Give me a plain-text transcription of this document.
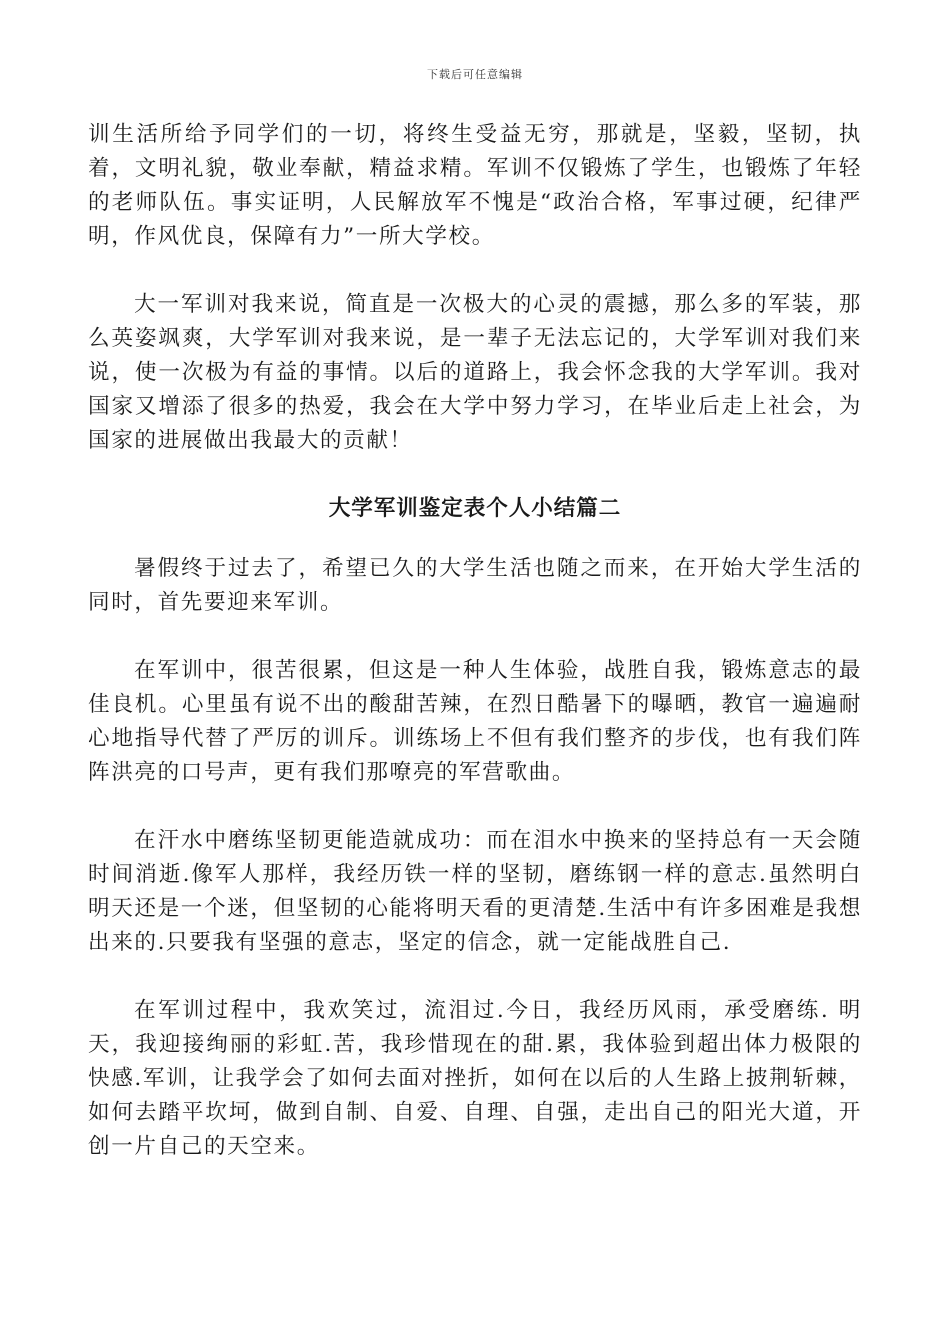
下载后可任意编辑

训生活所给予同学们的一切，将终生受益无穷，那就是，坚毅，坚韧，执着，文明礼貌，敬业奉献，精益求精。军训不仅锻炼了学生，也锻炼了年轻的老师队伍。事实证明，人民解放军不愧是“政治合格，军事过硬，纪律严明，作风优良，保障有力”一所大学校。

大一军训对我来说，简直是一次极大的心灵的震撼，那么多的军装，那么英姿飒爽，大学军训对我来说，是一辈子无法忘记的，大学军训对我们来说，使一次极为有益的事情。以后的道路上，我会怀念我的大学军训。我对国家又增添了很多的热爱，我会在大学中努力学习，在毕业后走上社会，为国家的进展做出我最大的贡献！

大学军训鉴定表个人小结篇二

暑假终于过去了，希望已久的大学生活也随之而来，在开始大学生活的同时，首先要迎来军训。

在军训中，很苦很累，但这是一种人生体验，战胜自我，锻炼意志的最佳良机。心里虽有说不出的酸甜苦辣，在烈日酷暑下的曝晒，教官一遍遍耐心地指导代替了严厉的训斥。训练场上不但有我们整齐的步伐，也有我们阵阵洪亮的口号声，更有我们那嘹亮的军营歌曲。

在汗水中磨练坚韧更能造就成功：而在泪水中换来的坚持总有一天会随时间消逝.像军人那样，我经历铁一样的坚韧，磨练钢一样的意志.虽然明白明天还是一个迷，但坚韧的心能将明天看的更清楚.生活中有许多困难是我想出来的.只要我有坚强的意志，坚定的信念，就一定能战胜自己.

在军训过程中，我欢笑过，流泪过.今日，我经历风雨，承受磨练. 明天，我迎接绚丽的彩虹.苦，我珍惜现在的甜.累，我体验到超出体力极限的快感.军训，让我学会了如何去面对挫折，如何在以后的人生路上披荆斩棘，如何去踏平坎坷，做到自制、自爱、自理、自强，走出自己的阳光大道，开创一片自己的天空来。
